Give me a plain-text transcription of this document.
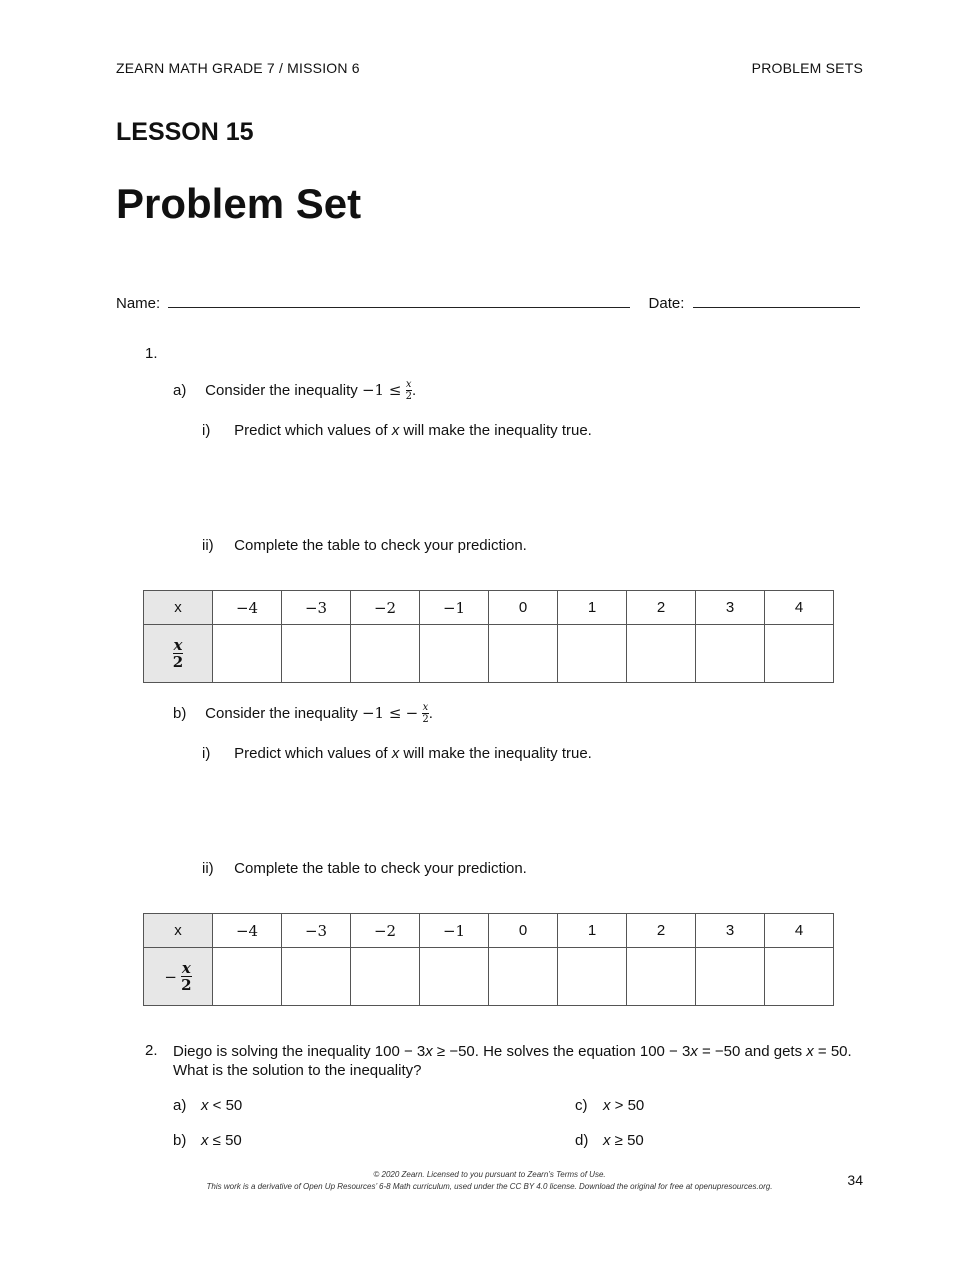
ZEARN MATH GRADE 7 / MISSION 6	PROBLEM SETS
LESSON 15
Problem Set
Name:	Date:
1.
a) Consider the inequality $-1 \le \frac{x}{2}$ .
i) Predict which values of x will make the inequality true.
ii) Complete the table to check your prediction.
x	−4	−3	−2	−1	0	1	2	3	4

$\frac{x}{2}$

b) Consider the inequality −1 ≤ − $\frac{x}{2}$ .
i) Predict which values of x will make the inequality true.
ii) Complete the table to check your prediction.
x	−4	−3	−2	−1	0	1	2	3	4
− $\frac{x}{2}$

2. Diego is solving the inequality 100 − 3x ≥ −50. He solves the equation 100 − 3x = −50 and gets x = 50.
What is the solution to the inequality?
a) x < 50
b) x ≤ 50
c) x > 50
d) x ≥ 50
© 2020 Zearn. Licensed to you pursuant to Zearn’s Terms of Use.
This work is a derivative of Open Up Resources’ 6-8 Math curriculum, used under the CC BY 4.0 license. Download the original for free at openupresources.org.	34
